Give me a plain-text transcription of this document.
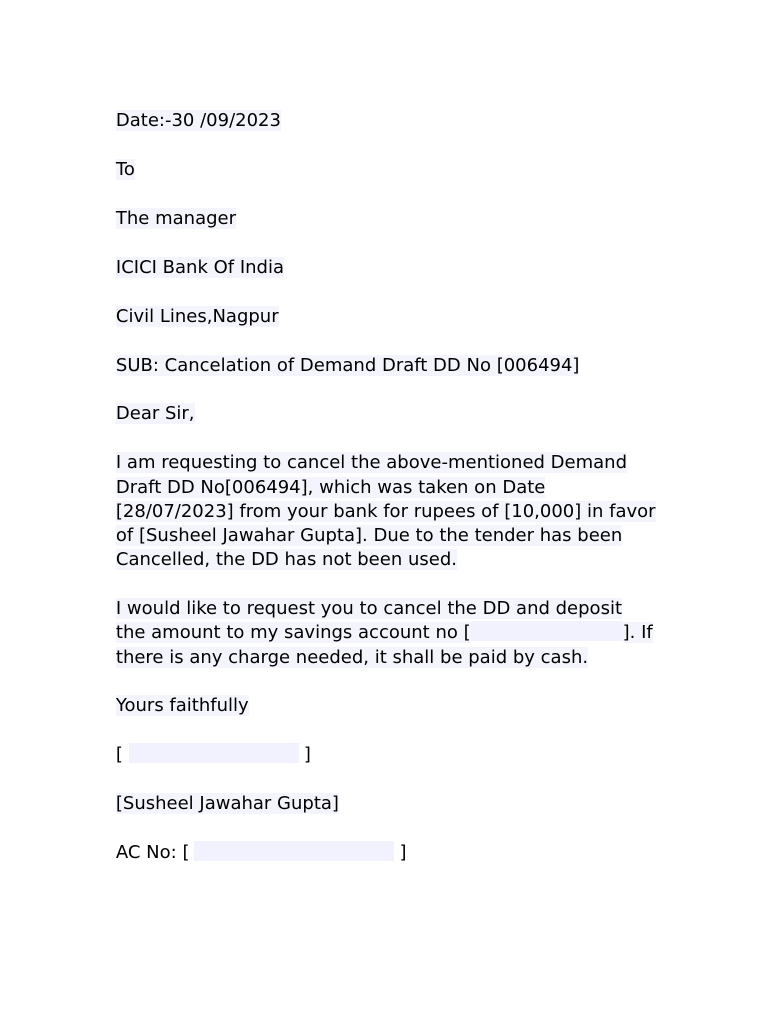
Date:-30 /09/2023

To

The manager

ICICI Bank Of India

Civil Lines,Nagpur

SUB: Cancelation of Demand Draft DD No [006494]

Dear Sir,

I am requesting to cancel the above-mentioned Demand

Draft DD No[006494], which was taken on Date

[28/07/2023] from your bank for rupees of [10,000] in favor

of [Susheel Jawahar Gupta]. Due to the tender has been

Cancelled, the DD has not been used.

I would like to request you to cancel the DD and deposit

the amount to my savings account no [	]. If

there is any charge needed, it shall be paid by cash.

Yours faithfully

[	]

[Susheel Jawahar Gupta]

AC No: [	]
